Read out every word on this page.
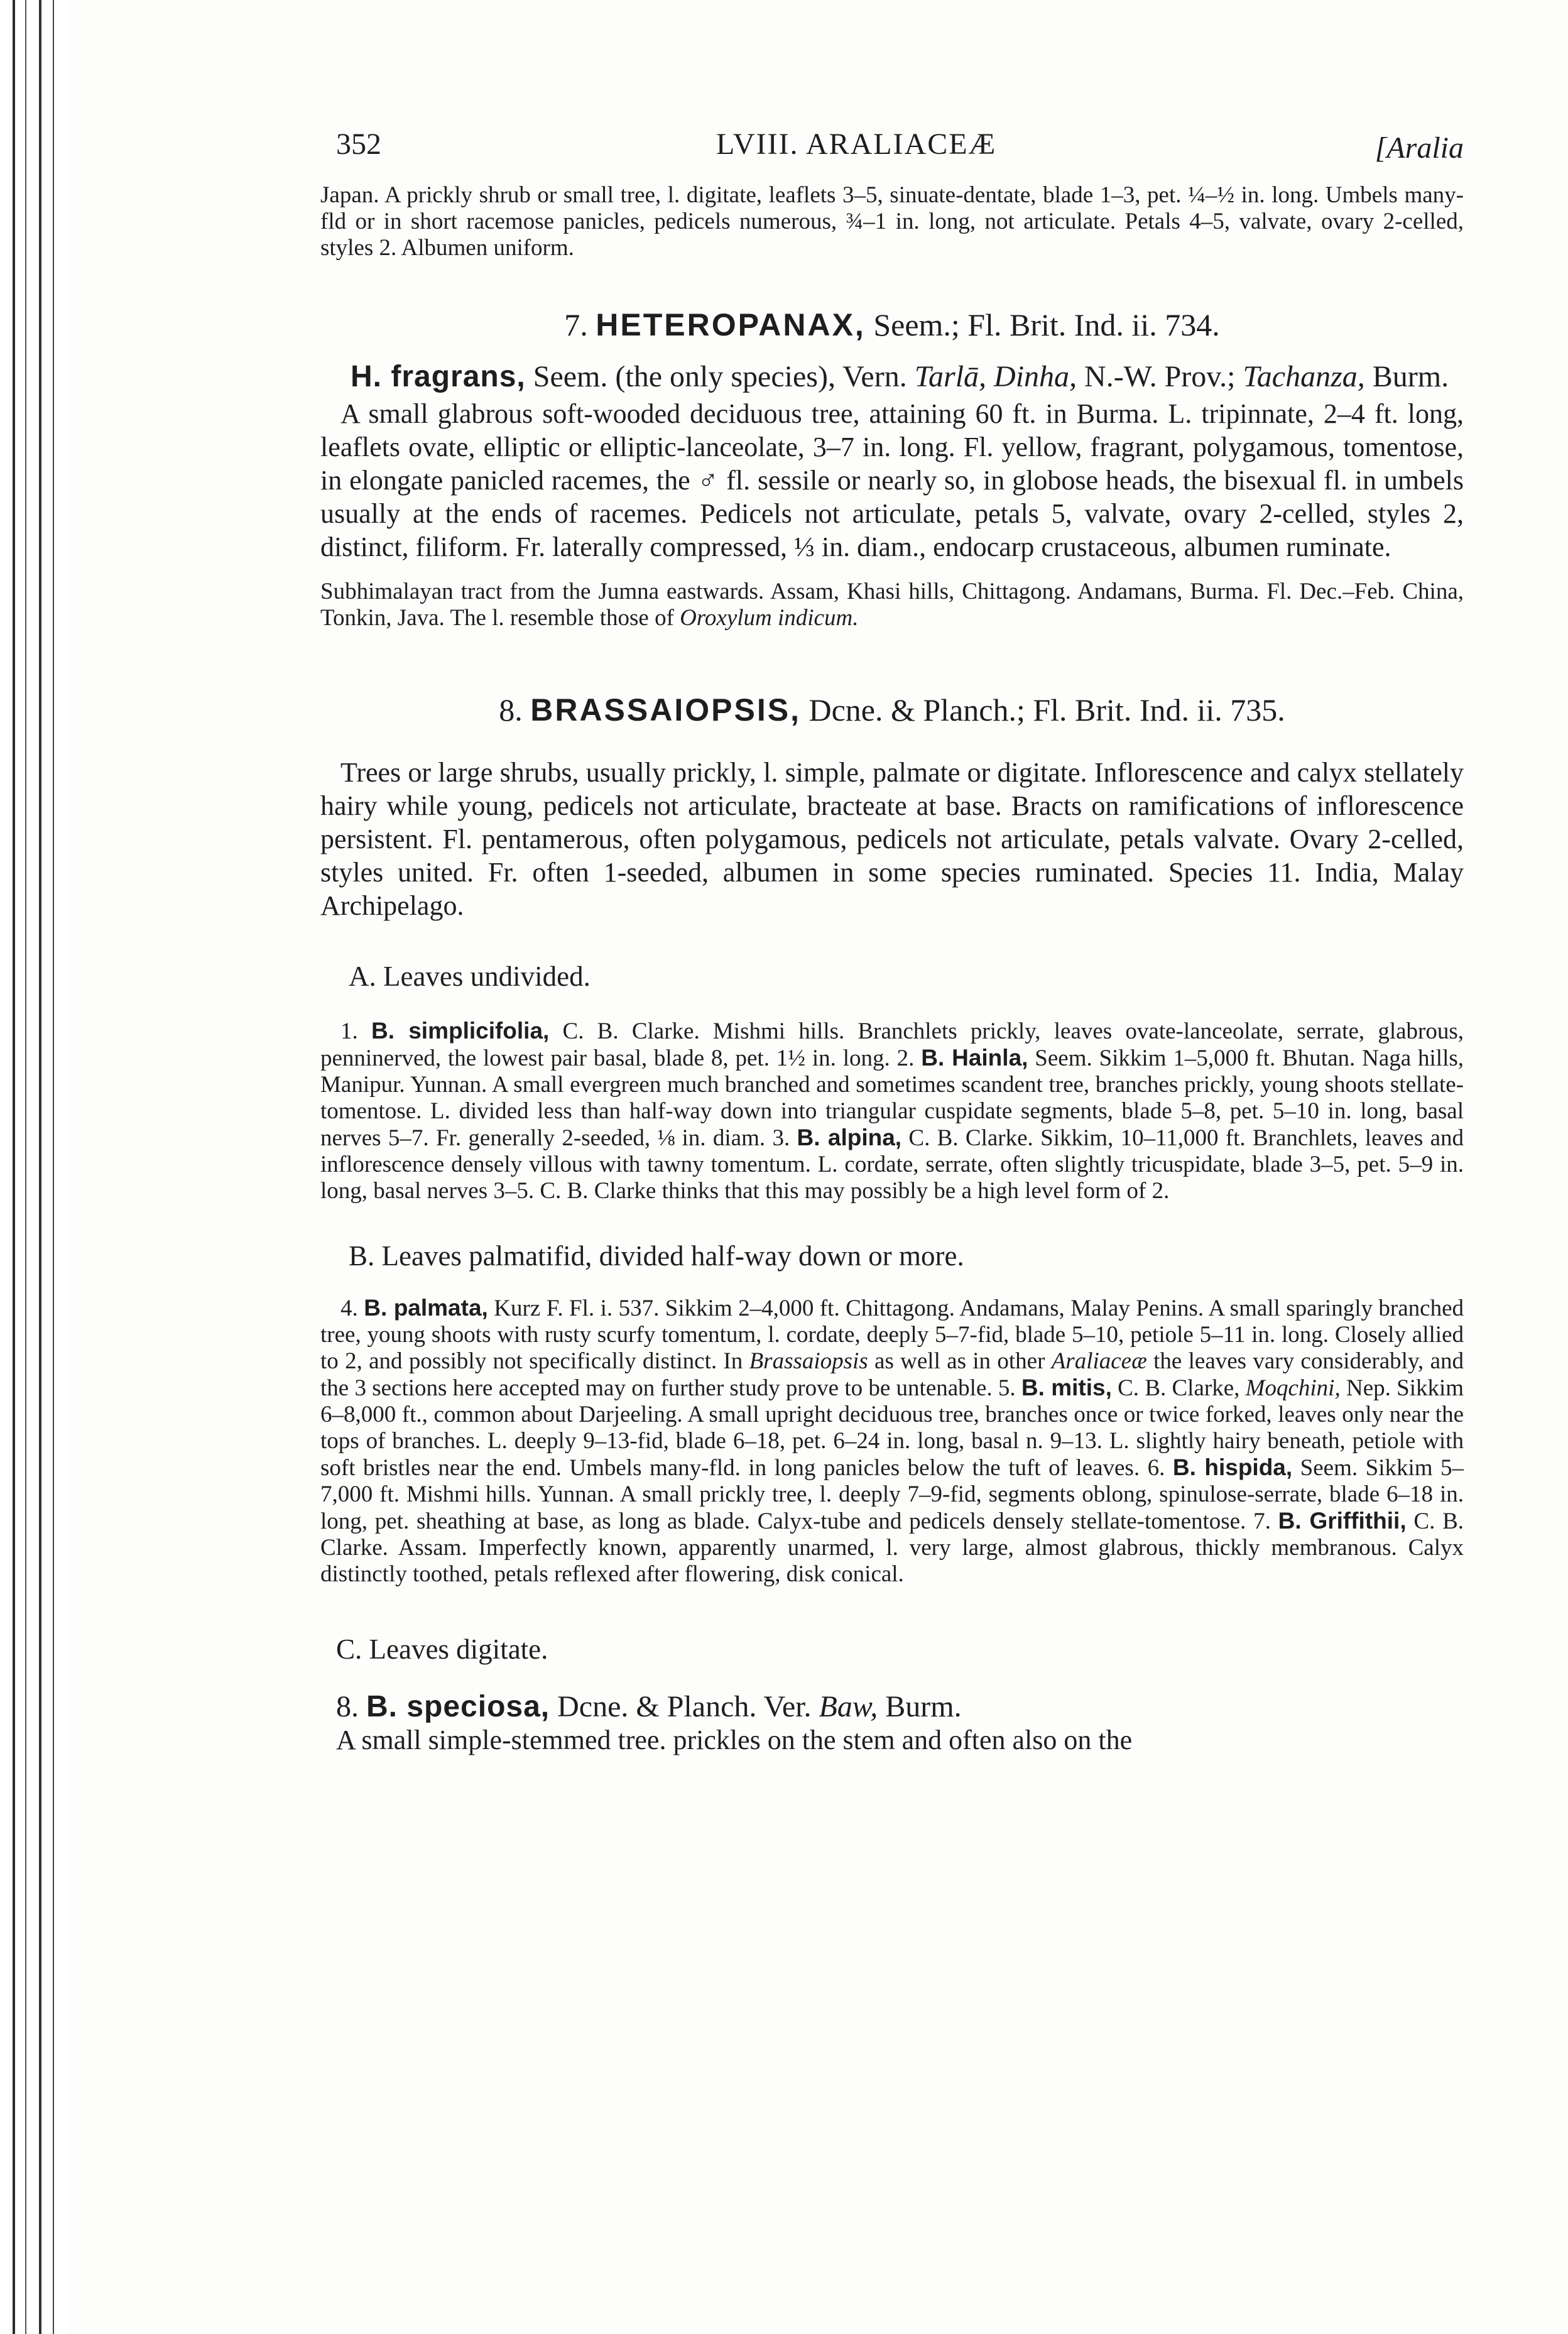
352	LVIII. ARALIACEÆ	[Aralia

Japan. A prickly shrub or small tree, l. digitate, leaflets 3–5, sinuate-dentate, blade 1–3, pet. ¼–½ in. long. Umbels many-fld or in short racemose panicles, pedicels numerous, ¾–1 in. long, not articulate. Petals 4–5, valvate, ovary 2-celled, styles 2. Albumen uniform.

7. HETEROPANAX, Seem.; Fl. Brit. Ind. ii. 734.

H. fragrans, Seem. (the only species), Vern. Tarlā, Dinha, N.-W. Prov.; Tachanza, Burm.

A small glabrous soft-wooded deciduous tree, attaining 60 ft. in Burma. L. tripinnate, 2–4 ft. long, leaflets ovate, elliptic or elliptic-lanceolate, 3–7 in. long. Fl. yellow, fragrant, polygamous, tomentose, in elongate panicled racemes, the ♂ fl. sessile or nearly so, in globose heads, the bisexual fl. in umbels usually at the ends of racemes. Pedicels not articulate, petals 5, valvate, ovary 2-celled, styles 2, distinct, filiform. Fr. laterally compressed, ⅓ in. diam., endocarp crustaceous, albumen ruminate.

Subhimalayan tract from the Jumna eastwards. Assam, Khasi hills, Chittagong. Andamans, Burma. Fl. Dec.–Feb. China, Tonkin, Java. The l. resemble those of Oroxylum indicum.

8. BRASSAIOPSIS, Dcne. & Planch.; Fl. Brit. Ind. ii. 735.

Trees or large shrubs, usually prickly, l. simple, palmate or digitate. Inflorescence and calyx stellately hairy while young, pedicels not articulate, bracteate at base. Bracts on ramifications of inflorescence persistent. Fl. pentamerous, often polygamous, pedicels not articulate, petals valvate. Ovary 2-celled, styles united. Fr. often 1-seeded, albumen in some species ruminated. Species 11. India, Malay Archipelago.

A. Leaves undivided.

1. B. simplicifolia, C. B. Clarke. Mishmi hills. Branchlets prickly, leaves ovate-lanceolate, serrate, glabrous, penninerved, the lowest pair basal, blade 8, pet. 1½ in. long. 2. B. Hainla, Seem. Sikkim 1–5,000 ft. Bhutan. Naga hills, Manipur. Yunnan. A small evergreen much branched and sometimes scandent tree, branches prickly, young shoots stellate-tomentose. L. divided less than half-way down into triangular cuspidate segments, blade 5–8, pet. 5–10 in. long, basal nerves 5–7. Fr. generally 2-seeded, ⅛ in. diam. 3. B. alpina, C. B. Clarke. Sikkim, 10–11,000 ft. Branchlets, leaves and inflorescence densely villous with tawny tomentum. L. cordate, serrate, often slightly tricuspidate, blade 3–5, pet. 5–9 in. long, basal nerves 3–5. C. B. Clarke thinks that this may possibly be a high level form of 2.

B. Leaves palmatifid, divided half-way down or more.

4. B. palmata, Kurz F. Fl. i. 537. Sikkim 2–4,000 ft. Chittagong. Andamans, Malay Penins. A small sparingly branched tree, young shoots with rusty scurfy tomentum, l. cordate, deeply 5–7-fid, blade 5–10, petiole 5–11 in. long. Closely allied to 2, and possibly not specifically distinct. In Brassaiopsis as well as in other Araliaceæ the leaves vary considerably, and the 3 sections here accepted may on further study prove to be untenable. 5. B. mitis, C. B. Clarke, Moqchini, Nep. Sikkim 6–8,000 ft., common about Darjeeling. A small upright deciduous tree, branches once or twice forked, leaves only near the tops of branches. L. deeply 9–13-fid, blade 6–18, pet. 6–24 in. long, basal n. 9–13. L. slightly hairy beneath, petiole with soft bristles near the end. Umbels many-fld. in long panicles below the tuft of leaves. 6. B. hispida, Seem. Sikkim 5–7,000 ft. Mishmi hills. Yunnan. A small prickly tree, l. deeply 7–9-fid, segments oblong, spinulose-serrate, blade 6–18 in. long, pet. sheathing at base, as long as blade. Calyx-tube and pedicels densely stellate-tomentose. 7. B. Griffithii, C. B. Clarke. Assam. Imperfectly known, apparently unarmed, l. very large, almost glabrous, thickly membranous. Calyx distinctly toothed, petals reflexed after flowering, disk conical.

C. Leaves digitate.

8. B. speciosa, Dcne. & Planch. Ver. Baw, Burm.

A small simple-stemmed tree. prickles on the stem and often also on the
